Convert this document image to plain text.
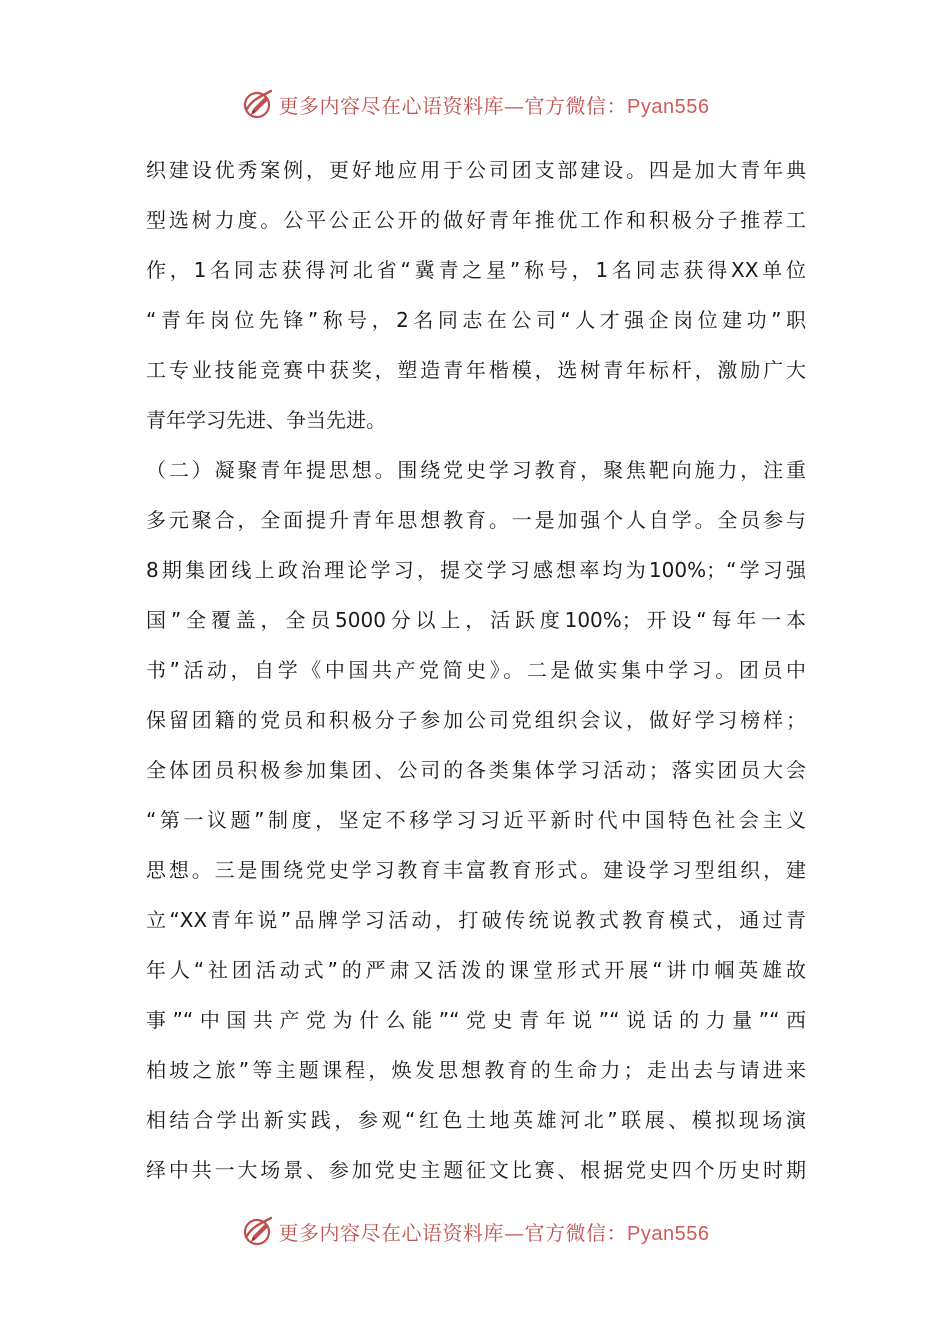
更多内容尽在心语资料库—官方微信：Pyan556
织建设优秀案例，更好地应用于公司团支部建设。四是加大青年典
型选树力度。公平公正公开的做好青年推优工作和积极分子推荐工
作，1名同志获得河北省“冀青之星”称号，1名同志获得XX单位
“青年岗位先锋”称号，2名同志在公司“人才强企岗位建功”职
工专业技能竞赛中获奖，塑造青年楷模，选树青年标杆，激励广大
青年学习先进、争当先进。
（二）凝聚青年提思想。围绕党史学习教育，聚焦靶向施力，注重
多元聚合，全面提升青年思想教育。一是加强个人自学。全员参与
8期集团线上政治理论学习，提交学习感想率均为100%；“学习强
国”全覆盖，全员5000分以上，活跃度100%；开设“每年一本
书”活动，自学《中国共产党简史》。二是做实集中学习。团员中
保留团籍的党员和积极分子参加公司党组织会议，做好学习榜样；
全体团员积极参加集团、公司的各类集体学习活动；落实团员大会
“第一议题”制度，坚定不移学习习近平新时代中国特色社会主义
思想。三是围绕党史学习教育丰富教育形式。建设学习型组织，建
立“XX青年说”品牌学习活动，打破传统说教式教育模式，通过青
年人“社团活动式”的严肃又活泼的课堂形式开展“讲巾帼英雄故
事”“中国共产党为什么能”“党史青年说”“说话的力量”“西
柏坡之旅”等主题课程，焕发思想教育的生命力；走出去与请进来
相结合学出新实践，参观“红色土地英雄河北”联展、模拟现场演
绎中共一大场景、参加党史主题征文比赛、根据党史四个历史时期
更多内容尽在心语资料库—官方微信：Pyan556
